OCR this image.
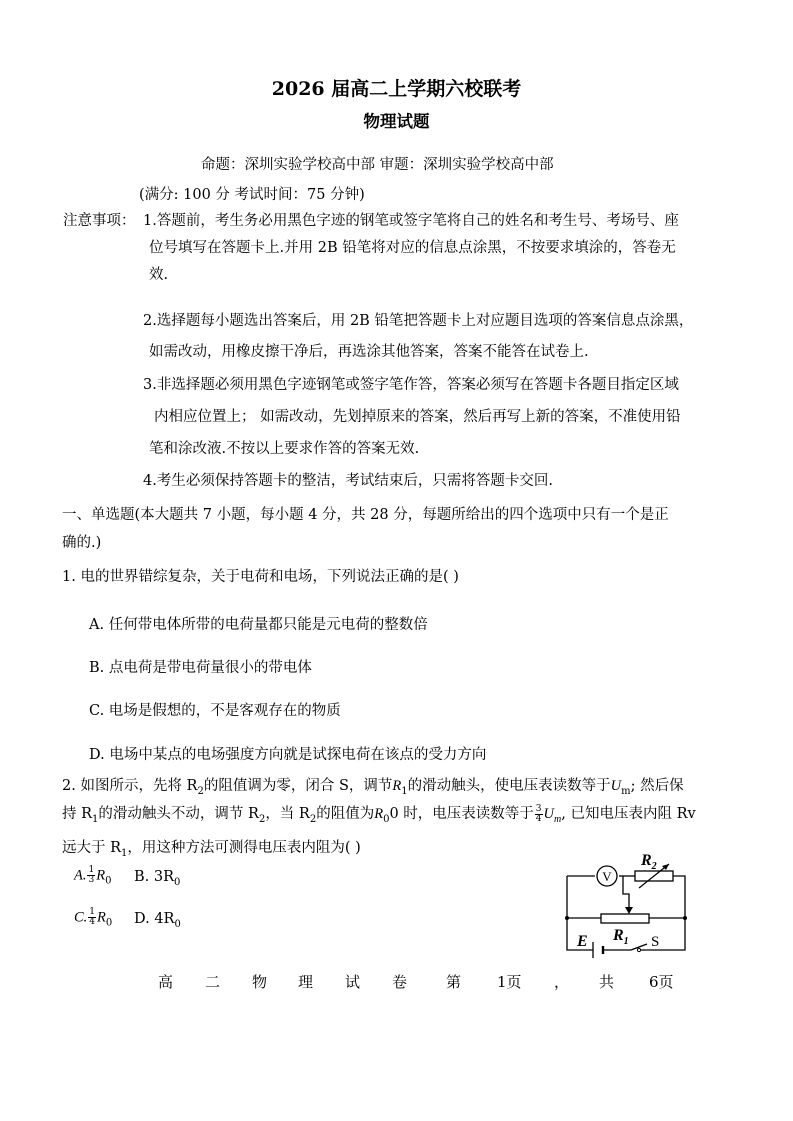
2026 届高二上学期六校联考
物理试题
命题：深圳实验学校高中部 审题：深圳实验学校高中部
(满分: 100 分 考试时间：75 分钟)
注意事项： 1.答题前，考生务必用黑色字迹的钢笔或签字笔将自己的姓名和考生号、考场号、座
位号填写在答题卡上.并用 2B 铅笔将对应的信息点涂黑，不按要求填涂的，答卷无
效.
2.选择题每小题选出答案后，用 2B 铅笔把答题卡上对应题目选项的答案信息点涂黑，
如需改动，用橡皮擦干净后，再选涂其他答案，答案不能答在试卷上.
3.非选择题必须用黑色字迹钢笔或签字笔作答，答案必须写在答题卡各题目指定区域
内相应位置上； 如需改动，先划掉原来的答案，然后再写上新的答案，不准使用铅
笔和涂改液.不按以上要求作答的答案无效.
4.考生必须保持答题卡的整洁，考试结束后，只需将答题卡交回.
一、单选题(本大题共 7 小题，每小题 4 分，共 28 分，每题所给出的四个选项中只有一个是正
确的.)
1. 电的世界错综复杂，关于电荷和电场，下列说法正确的是( )
A. 任何带电体所带的电荷量都只能是元电荷的整数倍
B. 点电荷是带电荷量很小的带电体
C. 电场是假想的，不是客观存在的物质
D. 电场中某点的电场强度方向就是试探电荷在该点的受力方向
2. 如图所示，先将 $R_2$的阻值调为零，闭合 S，调节$R_1$的滑动触头，使电压表读数等于$U_m$; 然后保
持 $R_1$的滑动触头不动，调节 $R_2$，当 $R_2$的阻值为$R_00$ 时，电压表读数等于 $\frac{3}{4} U_m$, 已知电压表内阻 Rv
远大于 $R_1$，用这种方法可测得电压表内阻为( )
A. $\frac{1}{3} R_0$ B. $3R_0$
C. $\frac{1}{4} R_0$ D. $4R_0$
V
$R_2$
$R_1$
E	S
高 二 物 理 试 卷	第 1页 ， 共 6页
